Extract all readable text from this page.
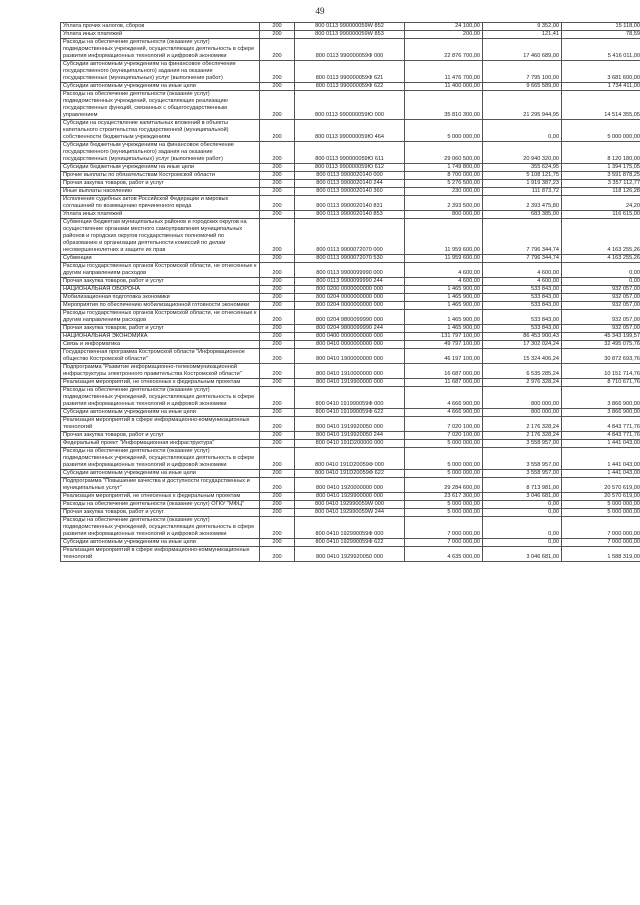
49
Уплата прочих налогов, сборов	200	800 0113 990000059W 852	24 100,00	9 352,00	15 118,00
Уплата иных платежей	200	800 0113 990000059W 853	200,00	121,41	78,59
Расходы на обеспечение деятельности (оказание услуг) подведомственных учреждений, осуществляющих деятельность в сфере развития информационных технологий и цифровой экономики	200	800 0113 990000059Ф 000	22 876 700,00	17 460 689,00	5 416 011,00
Субсидии автономным учреждениям на финансовое обеспечение государственного (муниципального) задания на оказание государственных (муниципальных) услуг (выполнение работ)	200	800 0113 990000059Ф 621	11 476 700,00	7 795 100,00	3 681 600,00
Субсидии автономным учреждениям на иные цели	200	800 0113 990000059Ф 622	11 400 000,00	9 665 589,00	1 734 411,00
Расходы на обеспечение деятельности (оказание услуг) подведомственных учреждений, осуществляющих реализацию государственных функций, связанных с общегосударственным управлением	200	800 0113 990000059Ю 000	35 810 300,00	21 295 944,95	14 514 355,05
Субсидии на осуществление капитальных вложений в объекты капитального строительства государственной (муниципальной) собственности бюджетным учреждениям	200	800 0113 990000059Ю 464	5 000 000,00	0,00	5 000 000,00
Субсидии бюджетным учреждениям на финансовое обеспечение государственного (муниципального) задания на оказание государственных (муниципальных) услуг (выполнение работ)	200	800 0113 990000059Ю 611	29 060 500,00	20 940 320,00	8 120 180,00
Субсидии бюджетным учреждениям на иные цели	200	800 0113 990000059Ю 612	1 749 800,00	355 624,95	1 394 175,05
Прочие выплаты по обязательствам Костромской области	200	800 0113 9900020140 000	8 700 000,00	5 108 121,75	3 591 878,25
Прочая закупка товаров, работ и услуг	200	800 0113 9900020140 244	5 276 500,00	1 919 387,23	3 357 112,77
Иные выплаты населению	200	800 0113 9900020140 360	230 000,00	111 873,72	118 126,28
Исполнение судебных актов Российской Федерации и мировых соглашений по возмещению причиненного вреда	200	800 0113 9900020140 831	2 393 500,00	2 393 475,80	24,20
Уплата иных платежей	200	800 0113 9900020140 853	800 000,00	683 385,00	116 615,00
Субвенции бюджетам муниципальных районов и городских округов на осуществление органами местного самоуправления муниципальных районов и городских округов государственных полномочий по образованию и организации деятельности комиссий по делам несовершеннолетних и защите их прав	200	800 0113 9900072070 000	11 959 600,00	7 796 344,74	4 163 255,26
Субвенции	200	800 0113 9900072070 530	11 959 600,00	7 796 344,74	4 163 255,26
Расходы государственных органов Костромской области, не отнесенные к другим направлениям расходов	200	800 0113 9900099990 000	4 600,00	4 600,00	0,00
Прочая закупка товаров, работ и услуг	200	800 0113 9900099990 244	4 600,00	4 600,00	0,00
НАЦИОНАЛЬНАЯ ОБОРОНА	200	800 0200 0000000000 000	1 465 900,00	533 843,00	932 057,00
Мобилизационная подготовка экономики	200	800 0204 0000000000 000	1 465 900,00	533 843,00	932 057,00
Мероприятия по обеспечению мобилизационной готовности экономики	200	800 0204 0000000000 000	1 465 900,00	533 843,00	932 057,00
Расходы государственных органов Костромской области, не отнесенные к другим направлениям расходов	200	800 0204 9800099990 000	1 465 900,00	533 843,00	932 057,00
Прочая закупка товаров, работ и услуг	200	800 0204 9800099990 244	1 465 900,00	533 843,00	932 057,00
НАЦИОНАЛЬНАЯ ЭКОНОМИКА	200	800 0400 0000000000 000	131 797 100,00	86 453 900,43	45 343 199,57
Связь и информатика	200	800 0410 0000000000 000	49 797 100,00	17 302 024,24	32 495 075,76
Государственная программа Костромской области "Информационное общество Костромской области"	200	800 0410 1900000000 000	46 197 100,00	15 324 406,24	30 872 693,76
Подпрограмма "Развитие информационно-телекоммуникационной инфраструктуры электронного правительства Костромской области"	200	800 0410 1910000000 000	16 687 000,00	6 535 285,24	10 151 714,76
Реализация мероприятий, не отнесенных к федеральным проектам	200	800 0410 1919900000 000	11 687 000,00	2 976 328,24	8 710 671,76
Расходы на обеспечение деятельности (оказание услуг) подведомственных учреждений, осуществляющих деятельность в сфере развития информационных технологий и цифровой экономики	200	800 0410 191990059Ф 000	4 666 900,00	800 000,00	3 866 900,00
Субсидии автономным учреждениям на иные цели	200	800 0410 191990059Ф 622	4 666 900,00	800 000,00	3 866 900,00
Реализация мероприятий в сфере информационно-коммуникационных технологий	200	800 0410 1919920050 000	7 020 100,00	2 176 328,24	4 843 771,76
Прочая закупка товаров, работ и услуг	200	800 0410 1919920050 244	7 020 100,00	2 176 328,24	4 843 771,76
Федеральный проект "Информационная инфраструктура"	200	800 0410 191D200000 000	5 000 000,00	3 558 957,00	1 441 043,00
Расходы на обеспечение деятельности (оказание услуг) подведомственных учреждений, осуществляющих деятельность в сфере развития информационных технологий и цифровой экономики	200	800 0410 191D20059Ф 000	5 000 000,00	3 558 957,00	1 441 043,00
Субсидии автономным учреждениям на иные цели	200	800 0410 191D20059Ф 622	5 000 000,00	3 558 957,00	1 441 043,00
Подпрограмма "Повышение качества и доступности государственных и муниципальных услуг"	200	800 0410 1920000000 000	29 284 600,00	8 713 981,00	20 570 619,00
Реализация мероприятий, не отнесенных к федеральным проектам	200	800 0410 1929900000 000	23 617 300,00	3 046 681,00	20 570 619,00
Расходы на обеспечение деятельности (оказание услуг) ОГКУ "МФЦ"	200	800 0410 192990059W 000	5 000 000,00	0,00	5 000 000,00
Прочая закупка товаров, работ и услуг	200	800 0410 192990059W 244	5 000 000,00	0,00	5 000 000,00
Расходы на обеспечение деятельности (оказание услуг) подведомственных учреждений, осуществляющих деятельность в сфере развития информационных технологий и цифровой экономики	200	800 0410 192990059Ф 000	7 000 000,00	0,00	7 000 000,00
Субсидии автономным учреждениям на иные цели	200	800 0410 192990059Ф 622	7 000 000,00	0,00	7 000 000,00
Реализация мероприятий в сфере информационно-коммуникационных технологий	200	800 0410 1929920050 000	4 635 000,00	3 046 681,00	1 588 319,00
